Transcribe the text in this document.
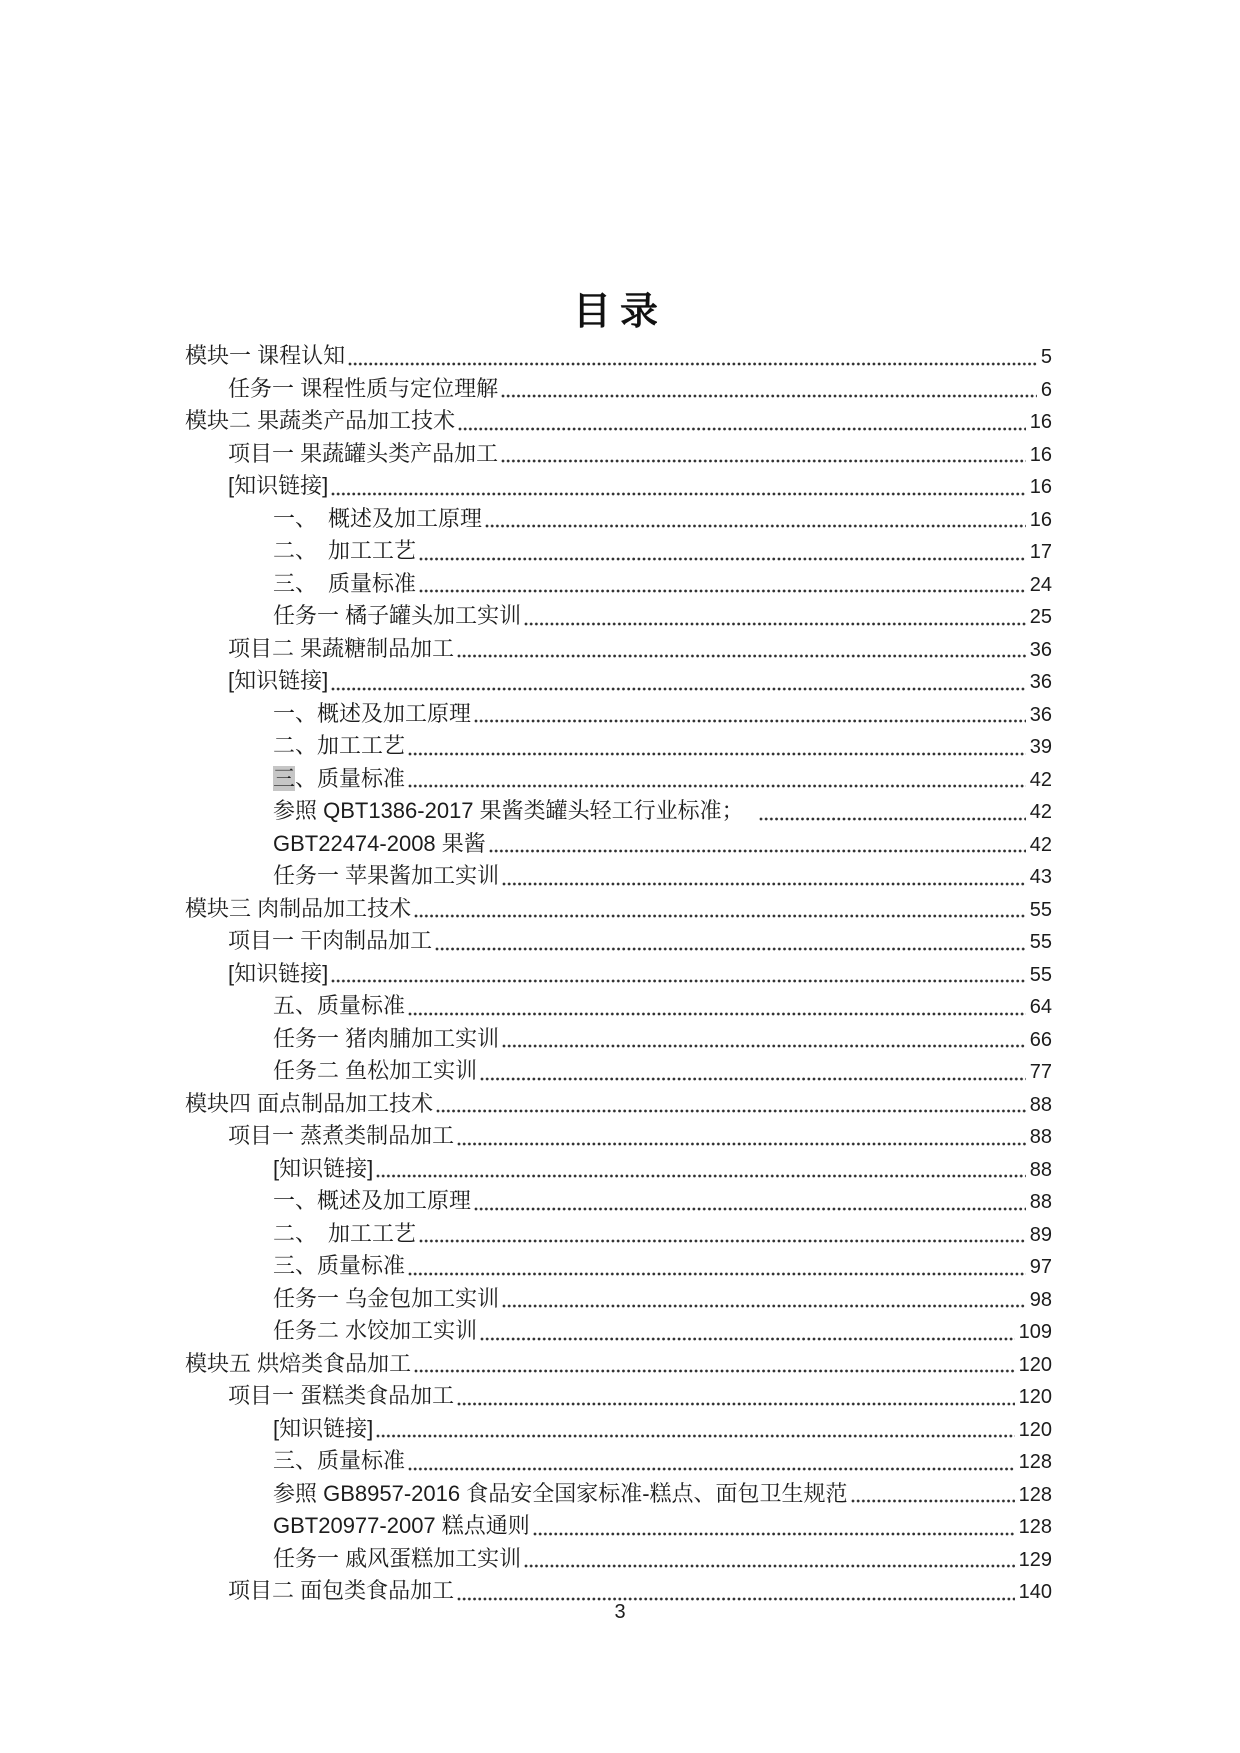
目录
模块一 课程认知	5
任务一 课程性质与定位理解	6
模块二 果蔬类产品加工技术	16
项目一 果蔬罐头类产品加工	16
[知识链接]	16
一、　概述及加工原理	16
二、　加工工艺	17
三、　质量标准	24
任务一 橘子罐头加工实训	25
项目二 果蔬糖制品加工	36
[知识链接]	36
一、概述及加工原理	36
二、加工工艺	39
三、质量标准	42
参照 QBT1386-2017 果酱类罐头轻工行业标准；	42
GBT22474-2008 果酱	42
任务一 苹果酱加工实训	43
模块三 肉制品加工技术	55
项目一 干肉制品加工	55
[知识链接]	55
五、质量标准	64
任务一 猪肉脯加工实训	66
任务二 鱼松加工实训	77
模块四 面点制品加工技术	88
项目一 蒸煮类制品加工	88
[知识链接]	88
一、概述及加工原理	88
二、　加工工艺	89
三、质量标准	97
任务一 乌金包加工实训	98
任务二 水饺加工实训	109
模块五 烘焙类食品加工	120
项目一 蛋糕类食品加工	120
[知识链接]	120
三、质量标准	128
参照 GB8957-2016 食品安全国家标准-糕点、面包卫生规范	128
GBT20977-2007 糕点通则	128
任务一 戚风蛋糕加工实训	129
项目二 面包类食品加工	140
3
